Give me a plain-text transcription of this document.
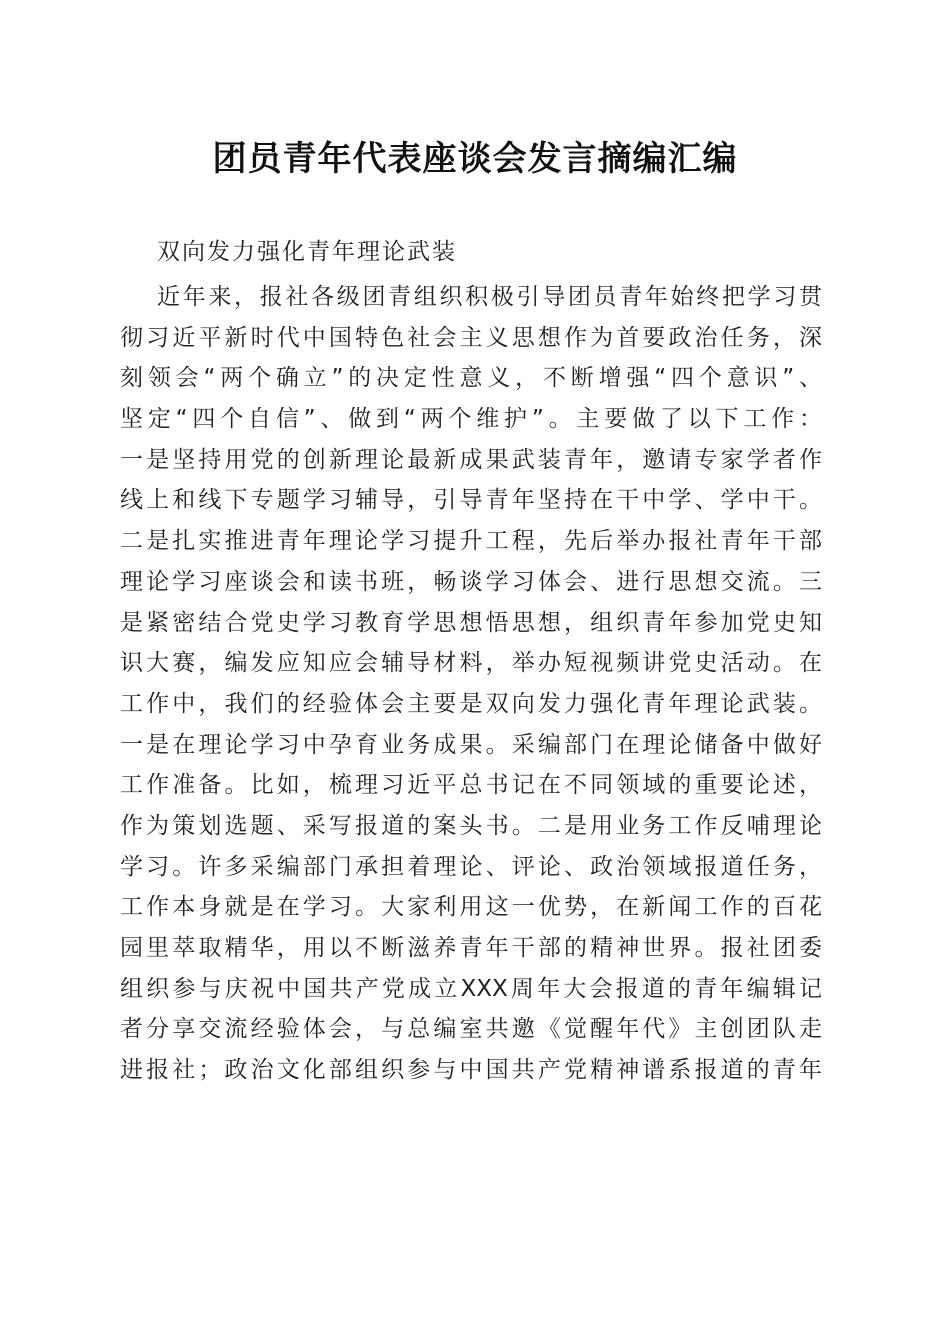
团员青年代表座谈会发言摘编汇编
双向发力强化青年理论武装
近年来，报社各级团青组织积极引导团员青年始终把学习贯
彻习近平新时代中国特色社会主义思想作为首要政治任务，深
刻领会“两个确立”的决定性意义，不断增强“四个意识”、
坚定“四个自信”、做到“两个维护”。主要做了以下工作：
一是坚持用党的创新理论最新成果武装青年，邀请专家学者作
线上和线下专题学习辅导，引导青年坚持在干中学、学中干。
二是扎实推进青年理论学习提升工程，先后举办报社青年干部
理论学习座谈会和读书班，畅谈学习体会、进行思想交流。三
是紧密结合党史学习教育学思想悟思想，组织青年参加党史知
识大赛，编发应知应会辅导材料，举办短视频讲党史活动。在
工作中，我们的经验体会主要是双向发力强化青年理论武装。
一是在理论学习中孕育业务成果。采编部门在理论储备中做好
工作准备。比如，梳理习近平总书记在不同领域的重要论述，
作为策划选题、采写报道的案头书。二是用业务工作反哺理论
学习。许多采编部门承担着理论、评论、政治领域报道任务，
工作本身就是在学习。大家利用这一优势，在新闻工作的百花
园里萃取精华，用以不断滋养青年干部的精神世界。报社团委
组织参与庆祝中国共产党成立XXX周年大会报道的青年编辑记
者分享交流经验体会，与总编室共邀《觉醒年代》主创团队走
进报社；政治文化部组织参与中国共产党精神谱系报道的青年
